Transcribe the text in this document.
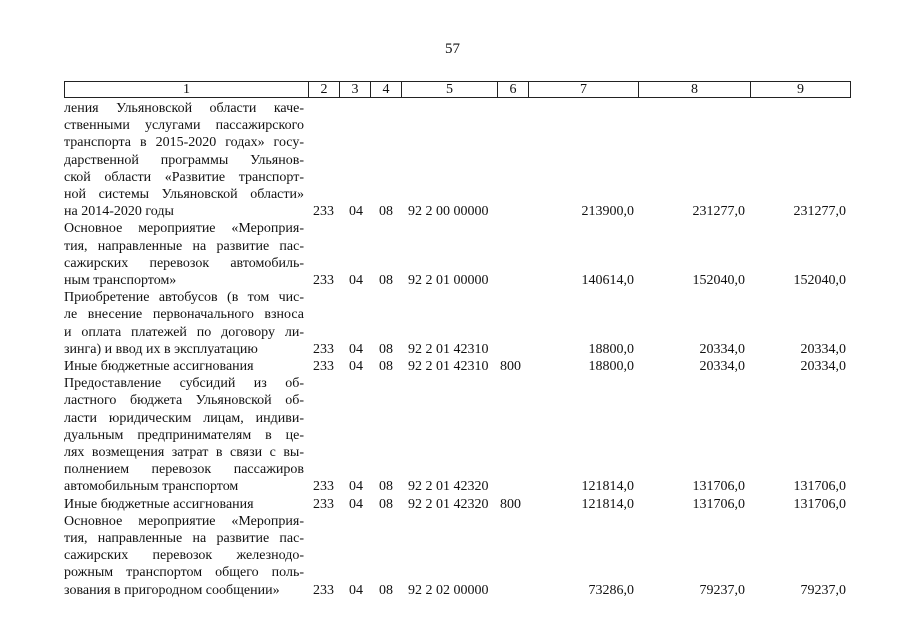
57
1	2	3	4	5	6	7	8	9
ления Ульяновской области каче-
ственными услугами пассажирского
транспорта в 2015-2020 годах» госу-
дарственной программы Ульянов-
ской области «Развитие транспорт-
ной системы Ульяновской области»
на 2014-2020 годы	233 04 08 92 2 00 00000	213900,0	231277,0	231277,0
Основное мероприятие «Мероприя-
тия, направленные на развитие пас-
сажирских перевозок автомобиль-
ным транспортом»	233 04 08 92 2 01 00000	140614,0	152040,0	152040,0
Приобретение автобусов (в том чис-
ле внесение первоначального взноса
и оплата платежей по договору ли-
зинга) и ввод их в эксплуатацию	233 04 08 92 2 01 42310	18800,0	20334,0	20334,0
Иные бюджетные ассигнования	233 04 08 92 2 01 42310 800	18800,0	20334,0	20334,0
Предоставление субсидий из об-
ластного бюджета Ульяновской об-
ласти юридическим лицам, индиви-
дуальным предпринимателям в це-
лях возмещения затрат в связи с вы-
полнением перевозок пассажиров
автомобильным транспортом	233 04 08 92 2 01 42320	121814,0	131706,0	131706,0
Иные бюджетные ассигнования	233 04 08 92 2 01 42320 800	121814,0	131706,0	131706,0
Основное мероприятие «Мероприя-
тия, направленные на развитие пас-
сажирских перевозок железнодо-
рожным транспортом общего поль-
зования в пригородном сообщении»	233 04 08 92 2 02 00000	73286,0	79237,0	79237,0
